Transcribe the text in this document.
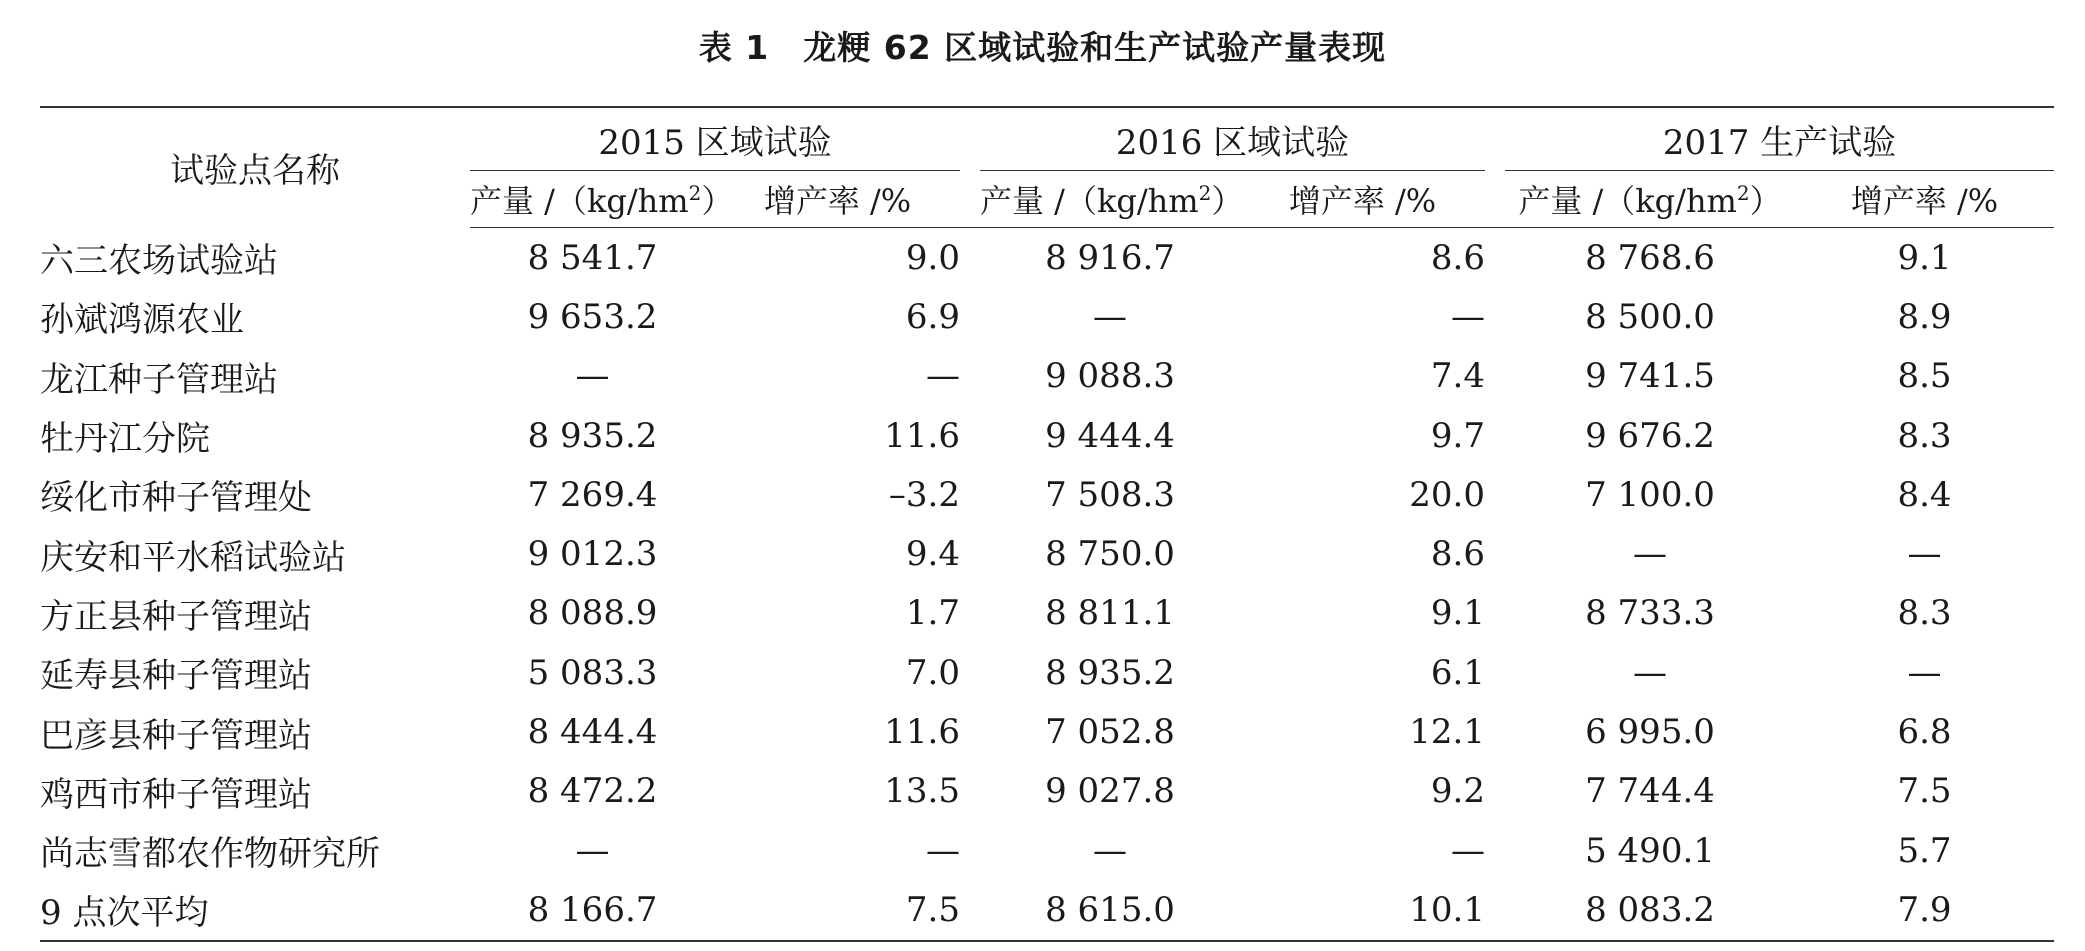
表 1　龙粳 62 区域试验和生产试验产量表现
试验点名称	2015 区域试验			2016 区域试验			2017 生产试验	
	产量 $/(kg/hm^2)$	增产率 /%		产量 $/(kg/hm^2)$	增产率 /%		产量 $/(kg/hm^2)$	增产率 /%
六三农场试验站	8 541.7	9.0		8 916.7	8.6		8 768.6	9.1
孙斌鸿源农业	9 653.2	6.9		—	—		8 500.0	8.9
龙江种子管理站	—	—		9 088.3	7.4		9 741.5	8.5
牡丹江分院	8 935.2	11.6		9 444.4	9.7		9 676.2	8.3
绥化市种子管理处	7 269.4	–3.2		7 508.3	20.0		7 100.0	8.4
庆安和平水稻试验站	9 012.3	9.4		8 750.0	8.6		—	—
方正县种子管理站	8 088.9	1.7		8 811.1	9.1		8 733.3	8.3
延寿县种子管理站	5 083.3	7.0		8 935.2	6.1		—	—
巴彦县种子管理站	8 444.4	11.6		7 052.8	12.1		6 995.0	6.8
鸡西市种子管理站	8 472.2	13.5		9 027.8	9.2		7 744.4	7.5
尚志雪都农作物研究所	—	—		—	—		5 490.1	5.7
9 点次平均	8 166.7	7.5		8 615.0	10.1		8 083.2	7.9
